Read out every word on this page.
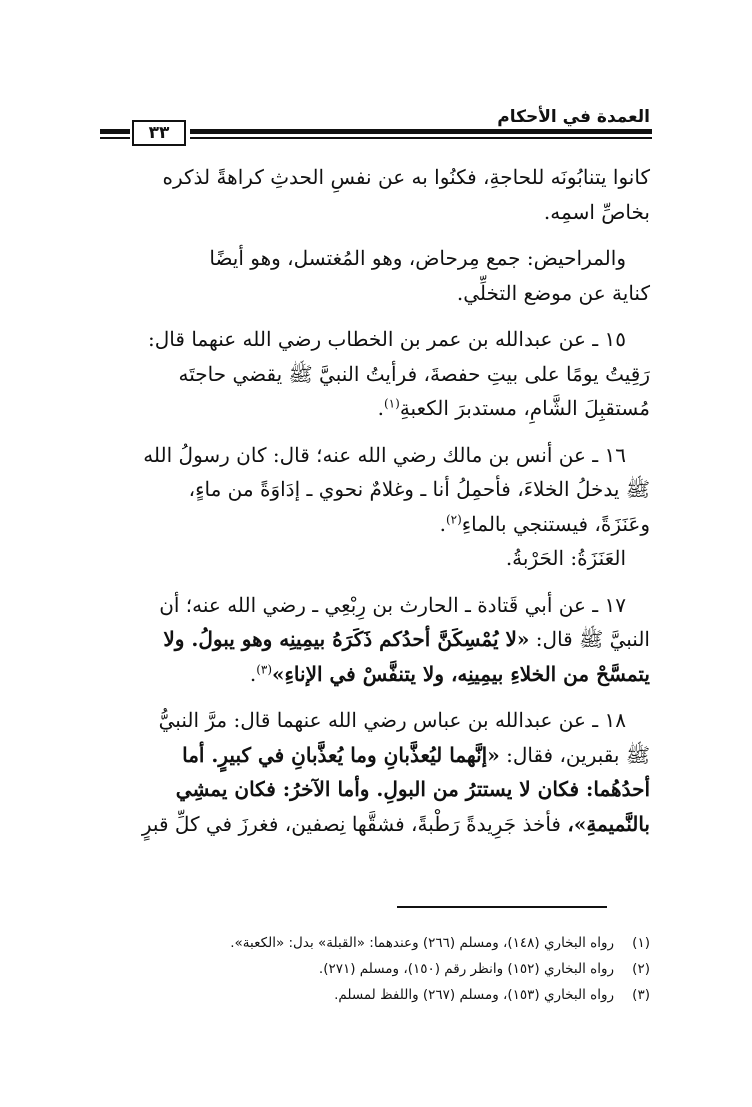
العمدة في الأحكام
٣٣

كانوا يتنابُونَه للحاجةِ، فكنُوا به عن نفسِ الحدثِ كراهةً لذكره
بخاصِّ اسمِه.

والمراحيض: جمع مِرحاض، وهو المُغتسل، وهو أيضًا
كناية عن موضع التخلِّي.

١٥ ـ عن عبدالله بن عمر بن الخطاب رضي الله عنهما قال:
رَقِيتُ يومًا على بيتِ حفصةَ، فرأيتُ النبيَّ ﷺ يقضي حاجتَه
مُستقبِلَ الشَّامِ، مستدبرَ الكعبةِ$^{(١)}$.

١٦ ـ عن أنس بن مالك رضي الله عنه؛ قال: كان رسولُ الله
ﷺ يدخلُ الخلاءَ، فأحمِلُ أنا ـ وغلامٌ نحوي ـ إدَاوَةً من ماءٍ،
وعَنَزَةً، فيستنجي بالماءِ$^{(٢)}$.

العَنَزَةُ: الحَرْبةُ.

١٧ ـ عن أبي قَتادة ـ الحارث بن رِبْعِي ـ رضي الله عنه؛ أن
النبيَّ ﷺ قال: «لا يُمْسِكَنَّ أحدُكم ذَكَرَهُ بيمِينِه وهو يبولُ. ولا
يتمسَّحْ من الخلاءِ بيمِينِه، ولا يتنفَّسْ في الإناءِ»$^{(٣)}$.

١٨ ـ عن عبدالله بن عباس رضي الله عنهما قال: مرَّ النبيُّ
ﷺ بقبرين، فقال: «إنَّهما ليُعذَّبانِ وما يُعذَّبانِ في كبيرٍ. أما
أحدُهُما: فكان لا يستترُ من البولِ. وأما الآخرُ: فكان يمشِي
بالنَّميمةِ»، فأخذ جَرِيدةً رَطْبةً، فشقَّها نِصفين، فغرزَ في كلِّ قبرٍ

(١)رواه البخاري (١٤٨)، ومسلم (٢٦٦) وعندهما: «القبلة» بدل: «الكعبة».
(٢)رواه البخاري (١٥٢) وانظر رقم (١٥٠)، ومسلم (٢٧١).
(٣)رواه البخاري (١٥٣)، ومسلم (٢٦٧) واللفظ لمسلم.
